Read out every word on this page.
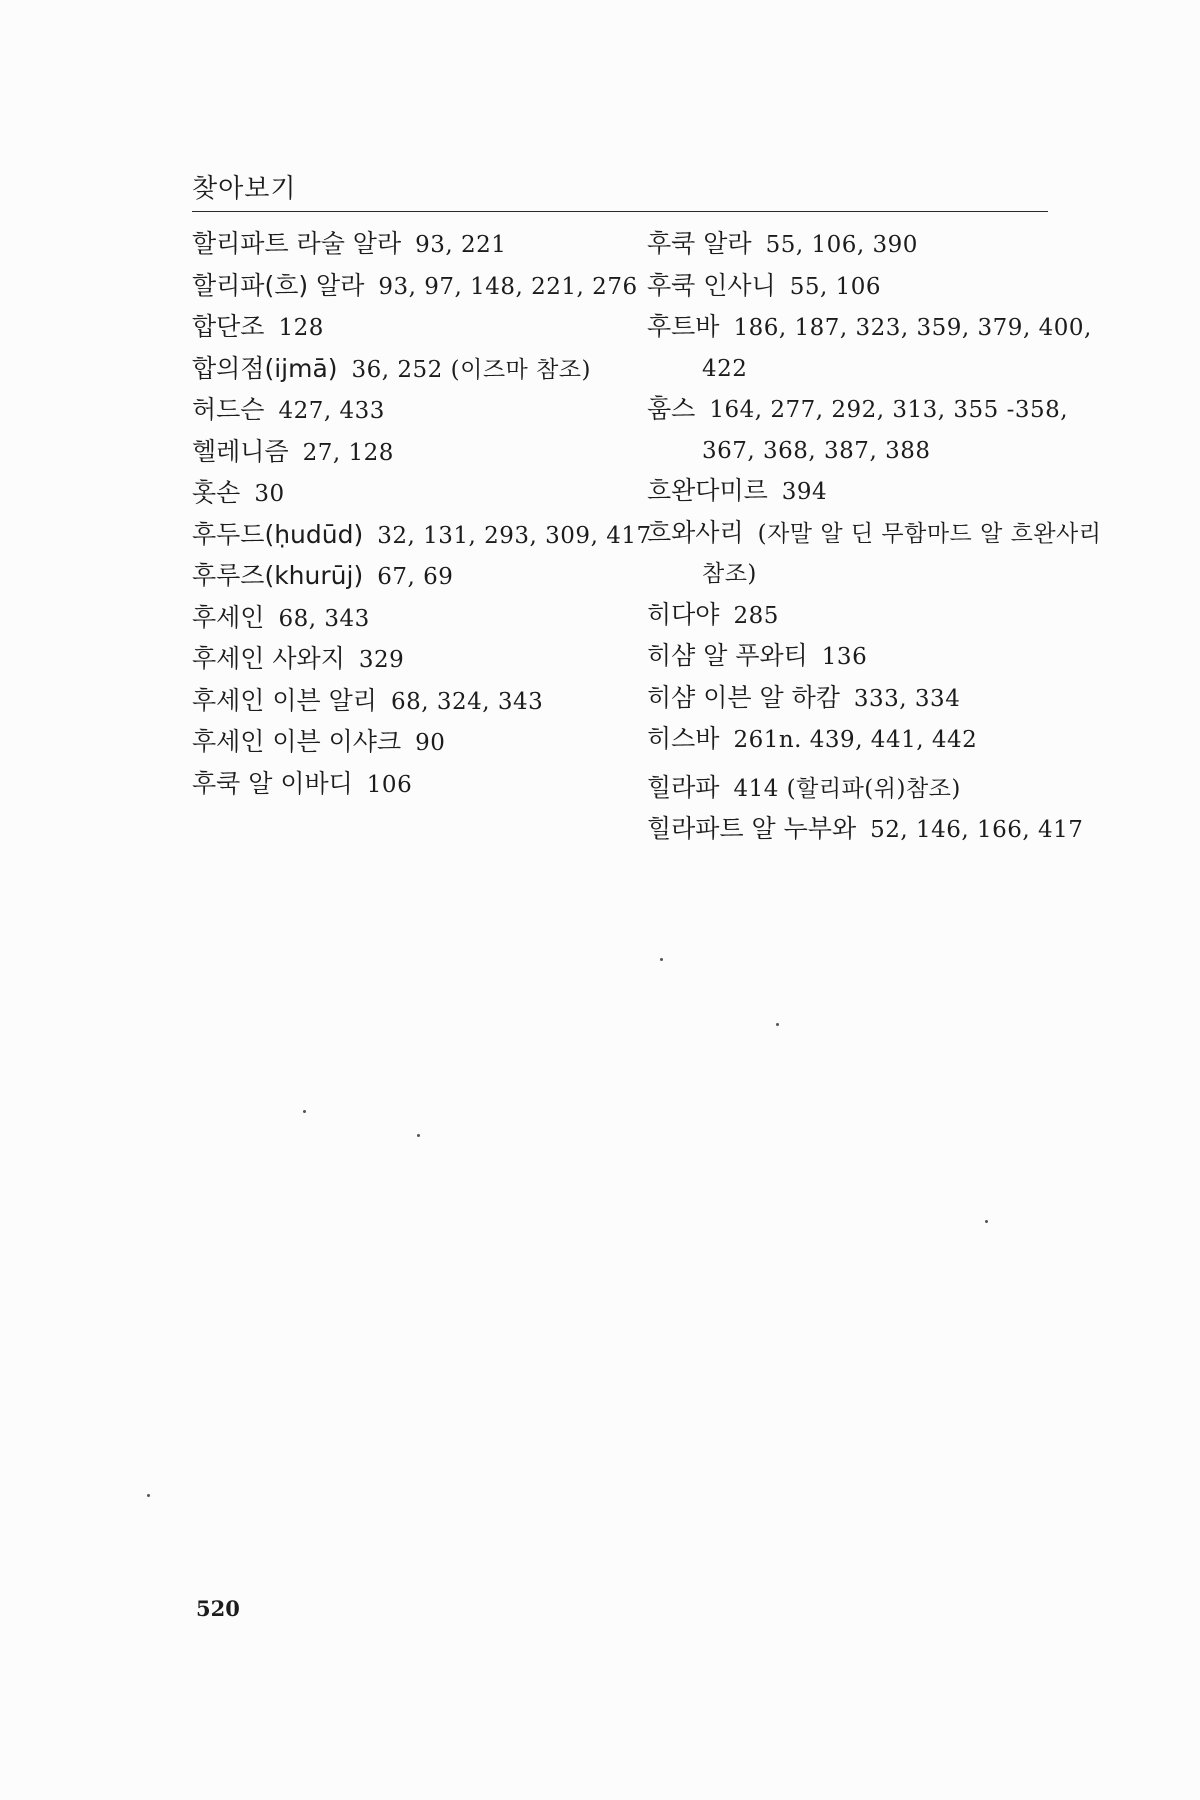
찾아보기
할리파트 라술 알라 93, 221
할리파(흐) 알라 93, 97, 148, 221, 276
합단조 128
합의점(ijmā) 36, 252 (이즈마 참조)
허드슨 427, 433
헬레니즘 27, 128
홋손 30
후두드(ḥudūd) 32, 131, 293, 309, 417
후루즈(khurūj) 67, 69
후세인 68, 343
후세인 사와지 329
후세인 이븐 알리 68, 324, 343
후세인 이븐 이샤크 90
후쿡 알 이바디 106
후쿡 알라 55, 106, 390
후쿡 인사니 55, 106
후트바 186, 187, 323, 359, 379, 400, 422
훔스 164, 277, 292, 313, 355 -358, 367, 368, 387, 388
흐완다미르 394
흐와사리 (자말 알 딘 무함마드 알 흐완사리 참조)
히다야 285
히샴 알 푸와티 136
히샴 이븐 알 하캄 333, 334
히스바 261n. 439, 441, 442
힐라파 414 (할리파(위)참조)
힐라파트 알 누부와 52, 146, 166, 417
520
